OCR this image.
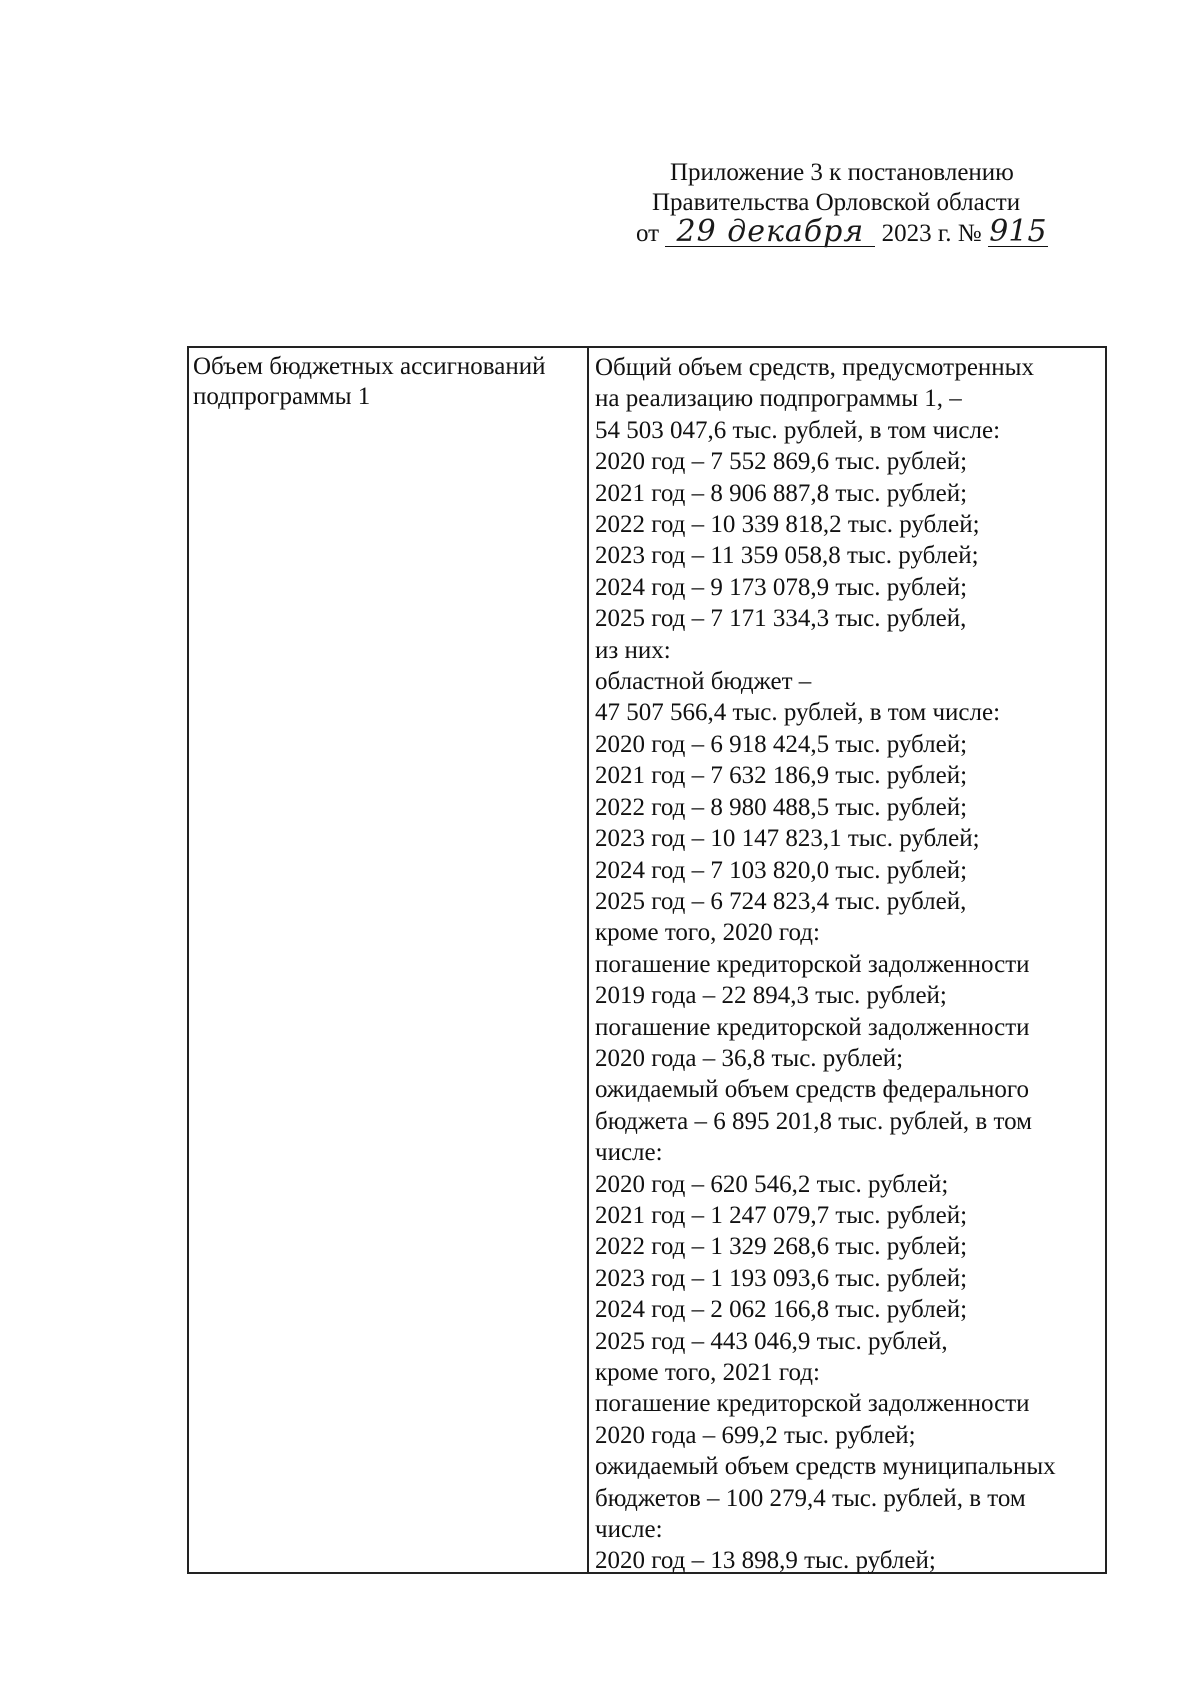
Приложение 3 к постановлению
Правительства Орловской области
от 29 декабря 2023 г. № 915
Объем бюджетных ассигнований
подпрограммы 1
Общий объем средств, предусмотренных
на реализацию подпрограммы 1, –
54 503 047,6 тыс. рублей, в том числе:
2020 год – 7 552 869,6 тыс. рублей;
2021 год – 8 906 887,8 тыс. рублей;
2022 год – 10 339 818,2 тыс. рублей;
2023 год – 11 359 058,8 тыс. рублей;
2024 год – 9 173 078,9 тыс. рублей;
2025 год – 7 171 334,3 тыс. рублей,
из них:
областной бюджет –
47 507 566,4 тыс. рублей, в том числе:
2020 год – 6 918 424,5 тыс. рублей;
2021 год – 7 632 186,9 тыс. рублей;
2022 год – 8 980 488,5 тыс. рублей;
2023 год – 10 147 823,1 тыс. рублей;
2024 год – 7 103 820,0 тыс. рублей;
2025 год – 6 724 823,4 тыс. рублей,
кроме того, 2020 год:
погашение кредиторской задолженности
2019 года – 22 894,3 тыс. рублей;
погашение кредиторской задолженности
2020 года – 36,8 тыс. рублей;
ожидаемый объем средств федерального
бюджета – 6 895 201,8 тыс. рублей, в том
числе:
2020 год – 620 546,2 тыс. рублей;
2021 год – 1 247 079,7 тыс. рублей;
2022 год – 1 329 268,6 тыс. рублей;
2023 год – 1 193 093,6 тыс. рублей;
2024 год – 2 062 166,8 тыс. рублей;
2025 год – 443 046,9 тыс. рублей,
кроме того, 2021 год:
погашение кредиторской задолженности
2020 года – 699,2 тыс. рублей;
ожидаемый объем средств муниципальных
бюджетов – 100 279,4 тыс. рублей, в том
числе:
2020 год – 13 898,9 тыс. рублей;
